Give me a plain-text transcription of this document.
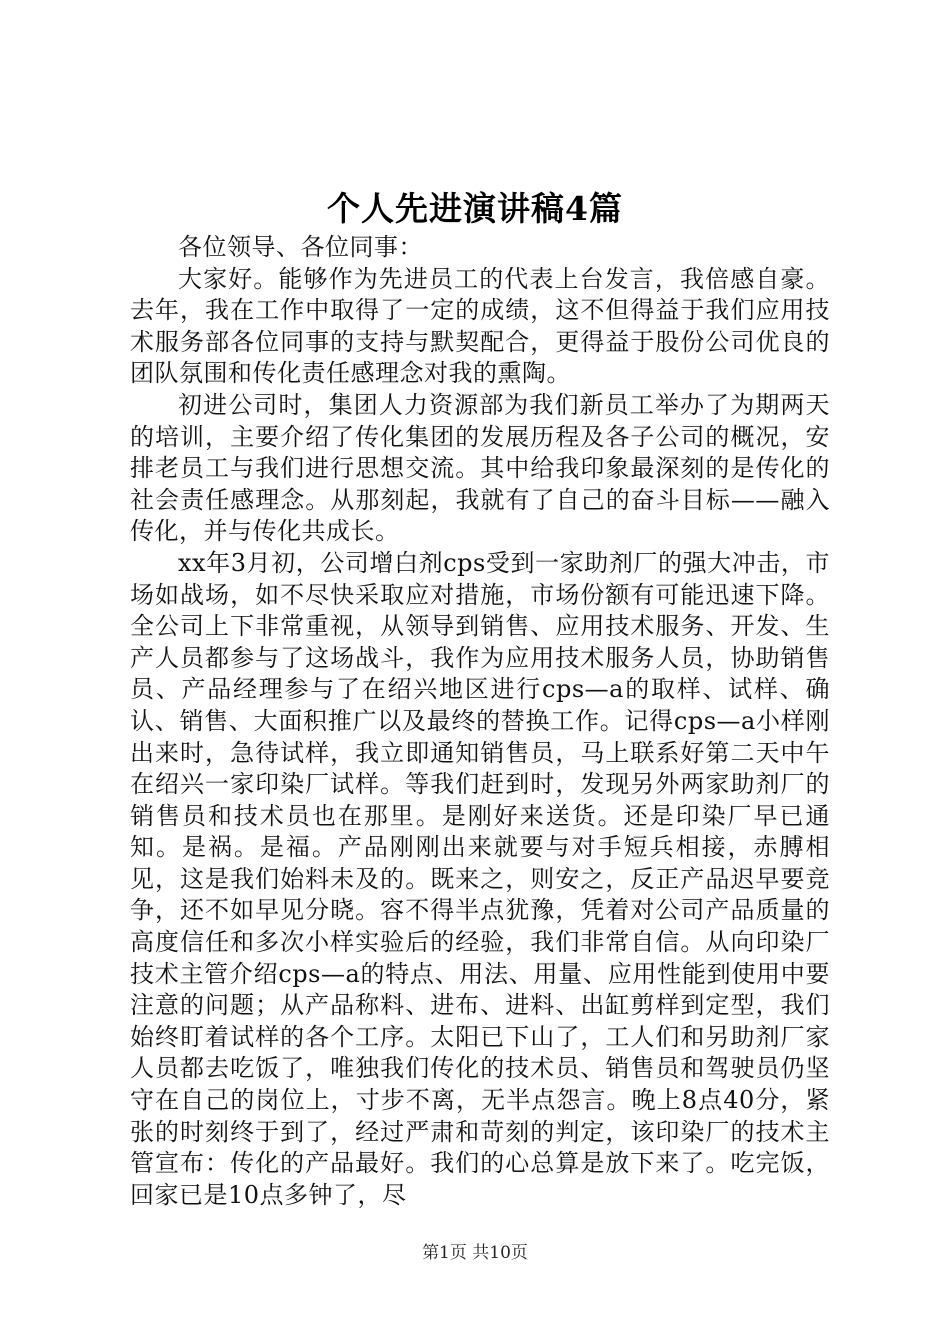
个人先进演讲稿4篇

各位领导、各位同事：

大家好。能够作为先进员工的代表上台发言，我倍感自豪。去年，我在工作中取得了一定的成绩，这不但得益于我们应用技术服务部各位同事的支持与默契配合，更得益于股份公司优良的团队氛围和传化责任感理念对我的熏陶。

初进公司时，集团人力资源部为我们新员工举办了为期两天的培训，主要介绍了传化集团的发展历程及各子公司的概况，安排老员工与我们进行思想交流。其中给我印象最深刻的是传化的社会责任感理念。从那刻起，我就有了自己的奋斗目标——融入传化，并与传化共成长。

xx年3月初，公司增白剂cps受到一家助剂厂的强大冲击，市场如战场，如不尽快采取应对措施，市场份额有可能迅速下降。全公司上下非常重视，从领导到销售、应用技术服务、开发、生产人员都参与了这场战斗，我作为应用技术服务人员，协助销售员、产品经理参与了在绍兴地区进行cps—a的取样、试样、确认、销售、大面积推广以及最终的替换工作。记得cps—a小样刚出来时，急待试样，我立即通知销售员，马上联系好第二天中午在绍兴一家印染厂试样。等我们赶到时，发现另外两家助剂厂的销售员和技术员也在那里。是刚好来送货。还是印染厂早已通知。是祸。是福。产品刚刚出来就要与对手短兵相接，赤膊相见，这是我们始料未及的。既来之，则安之，反正产品迟早要竞争，还不如早见分晓。容不得半点犹豫，凭着对公司产品质量的高度信任和多次小样实验后的经验，我们非常自信。从向印染厂技术主管介绍cps—a的特点、用法、用量、应用性能到使用中要注意的问题；从产品称料、进布、进料、出缸剪样到定型，我们始终盯着试样的各个工序。太阳已下山了，工人们和另助剂厂家人员都去吃饭了，唯独我们传化的技术员、销售员和驾驶员仍坚守在自己的岗位上，寸步不离，无半点怨言。晚上8点40分，紧张的时刻终于到了，经过严肃和苛刻的判定，该印染厂的技术主管宣布：传化的产品最好。我们的心总算是放下来了。吃完饭，回家已是10点多钟了，尽

第1页 共10页
